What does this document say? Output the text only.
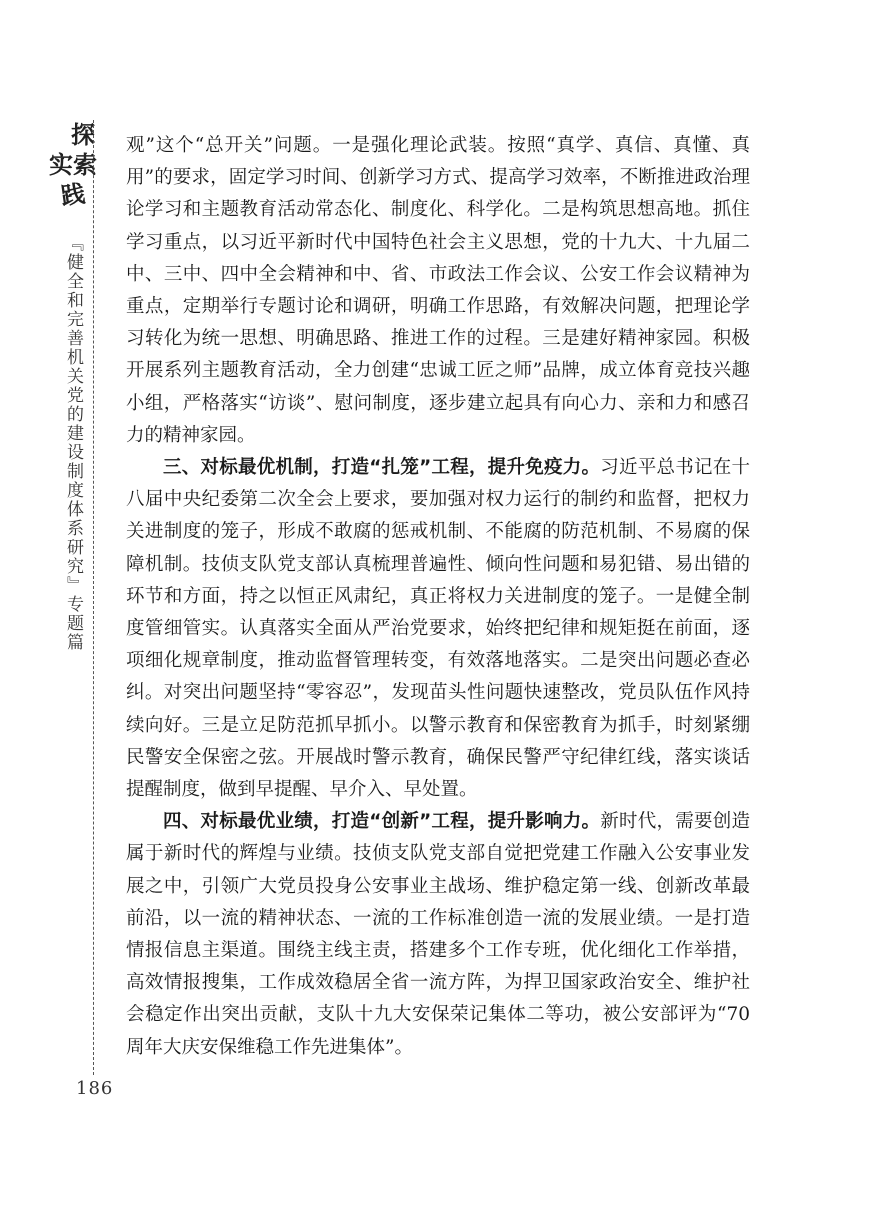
探
实 索
践
『健全和完善机关党的建设制度体系研究』专题篇
186

观”这个“总开关”问题。一是强化理论武装。按照“真学、真信、真懂、真用”的要求，固定学习时间、创新学习方式、提高学习效率，不断推进政治理论学习和主题教育活动常态化、制度化、科学化。二是构筑思想高地。抓住学习重点，以习近平新时代中国特色社会主义思想，党的十九大、十九届二中、三中、四中全会精神和中、省、市政法工作会议、公安工作会议精神为重点，定期举行专题讨论和调研，明确工作思路，有效解决问题，把理论学习转化为统一思想、明确思路、推进工作的过程。三是建好精神家园。积极开展系列主题教育活动，全力创建“忠诚工匠之师”品牌，成立体育竞技兴趣小组，严格落实“访谈”、慰问制度，逐步建立起具有向心力、亲和力和感召力的精神家园。

三、对标最优机制，打造“扎笼”工程，提升免疫力。习近平总书记在十八届中央纪委第二次全会上要求，要加强对权力运行的制约和监督，把权力关进制度的笼子，形成不敢腐的惩戒机制、不能腐的防范机制、不易腐的保障机制。技侦支队党支部认真梳理普遍性、倾向性问题和易犯错、易出错的环节和方面，持之以恒正风肃纪，真正将权力关进制度的笼子。一是健全制度管细管实。认真落实全面从严治党要求，始终把纪律和规矩挺在前面，逐项细化规章制度，推动监督管理转变，有效落地落实。二是突出问题必查必纠。对突出问题坚持“零容忍”，发现苗头性问题快速整改，党员队伍作风持续向好。三是立足防范抓早抓小。以警示教育和保密教育为抓手，时刻紧绷民警安全保密之弦。开展战时警示教育，确保民警严守纪律红线，落实谈话提醒制度，做到早提醒、早介入、早处置。

四、对标最优业绩，打造“创新”工程，提升影响力。新时代，需要创造属于新时代的辉煌与业绩。技侦支队党支部自觉把党建工作融入公安事业发展之中，引领广大党员投身公安事业主战场、维护稳定第一线、创新改革最前沿，以一流的精神状态、一流的工作标准创造一流的发展业绩。一是打造情报信息主渠道。围绕主线主责，搭建多个工作专班，优化细化工作举措，高效情报搜集，工作成效稳居全省一流方阵，为捍卫国家政治安全、维护社会稳定作出突出贡献，支队十九大安保荣记集体二等功，被公安部评为“70 周年大庆安保维稳工作先进集体”。
